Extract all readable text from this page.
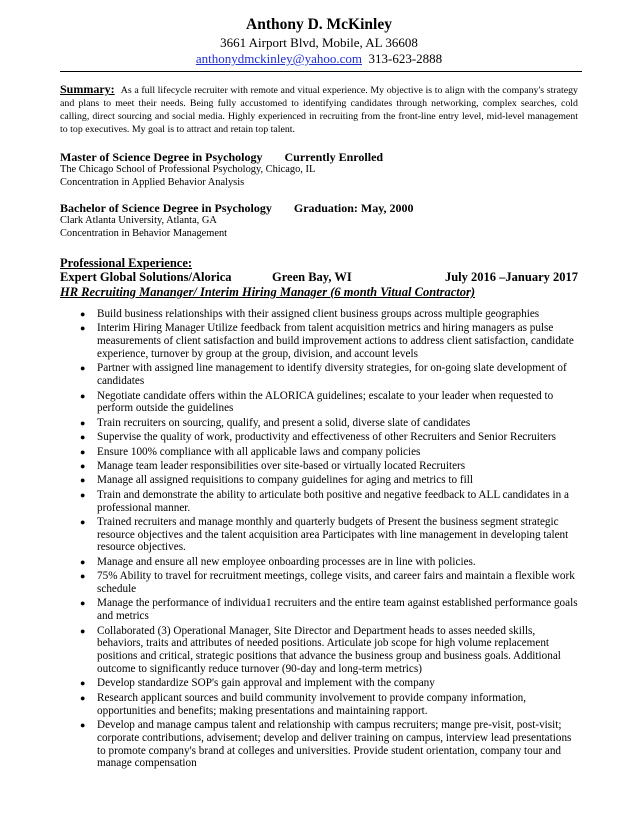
Anthony D. McKinley
3661 Airport Blvd, Mobile, AL 36608
anthonydmckinley@yahoo.com 313-623-2888
Summary: As a full lifecycle recruiter with remote and vitual experience. My objective is to align with the company's strategy and plans to meet their needs. Being fully accustomed to identifying candidates through networking, complex searches, cold calling, direct sourcing and social media. Highly experienced in recruiting from the front-line entry level, mid-level management to top executives. My goal is to attract and retain top talent.
Master of Science Degree in Psychology Currently Enrolled
The Chicago School of Professional Psychology, Chicago, IL
Concentration in Applied Behavior Analysis
Bachelor of Science Degree in Psychology Graduation: May, 2000
Clark Atlanta University, Atlanta, GA
Concentration in Behavior Management
Professional Experience:
Expert Global Solutions/Alorica	Green Bay, WI	July 2016 –January 2017
HR Recruiting Mananger/ Interim Hiring Manager (6 month Vitual Contractor)
● Build business relationships with their assigned client business groups across multiple geographies
● Interim Hiring Manager Utilize feedback from talent acquisition metrics and hiring managers as pulse measurements of client satisfaction and build improvement actions to address client satisfaction, candidate experience, turnover by group at the group, division, and account levels
● Partner with assigned line management to identify diversity strategies, for on-going slate development of candidates
● Negotiate candidate offers within the ALORICA guidelines; escalate to your leader when requested to perform outside the guidelines
● Train recruiters on sourcing, qualify, and present a solid, diverse slate of candidates
● Supervise the quality of work, productivity and effectiveness of other Recruiters and Senior Recruiters
● Ensure 100% compliance with all applicable laws and company policies
● Manage team leader responsibilities over site-based or virtually located Recruiters
● Manage all assigned requisitions to company guidelines for aging and metrics to fill
● Train and demonstrate the ability to articulate both positive and negative feedback to ALL candidates in a professional manner.
● Trained recruiters and manage monthly and quarterly budgets of Present the business segment strategic resource objectives and the talent acquisition area Participates with line management in developing talent resource objectives.
● Manage and ensure all new employee onboarding processes are in line with policies.
● 75% Ability to travel for recruitment meetings, college visits, and career fairs and maintain a flexible work schedule
● Manage the performance of individua1 recruiters and the entire team against established performance goals and metrics
● Collaborated (3) Operational Manager, Site Director and Department heads to asses needed skills, behaviors, traits and attributes of needed positions. Articulate job scope for high volume replacement positions and critical, strategic positions that advance the business group and business goals. Additional outcome to significantly reduce turnover (90-day and long-term metrics)
● Develop standardize SOP's gain approval and implement with the company
● Research applicant sources and build community involvement to provide company information, opportunities and benefits; making presentations and maintaining rapport.
● Develop and manage campus talent and relationship with campus recruiters; mange pre-visit, post-visit; corporate contributions, advisement; develop and deliver training on campus, interview lead presentations to promote company's brand at colleges and universities. Provide student orientation, company tour and manage compensation
